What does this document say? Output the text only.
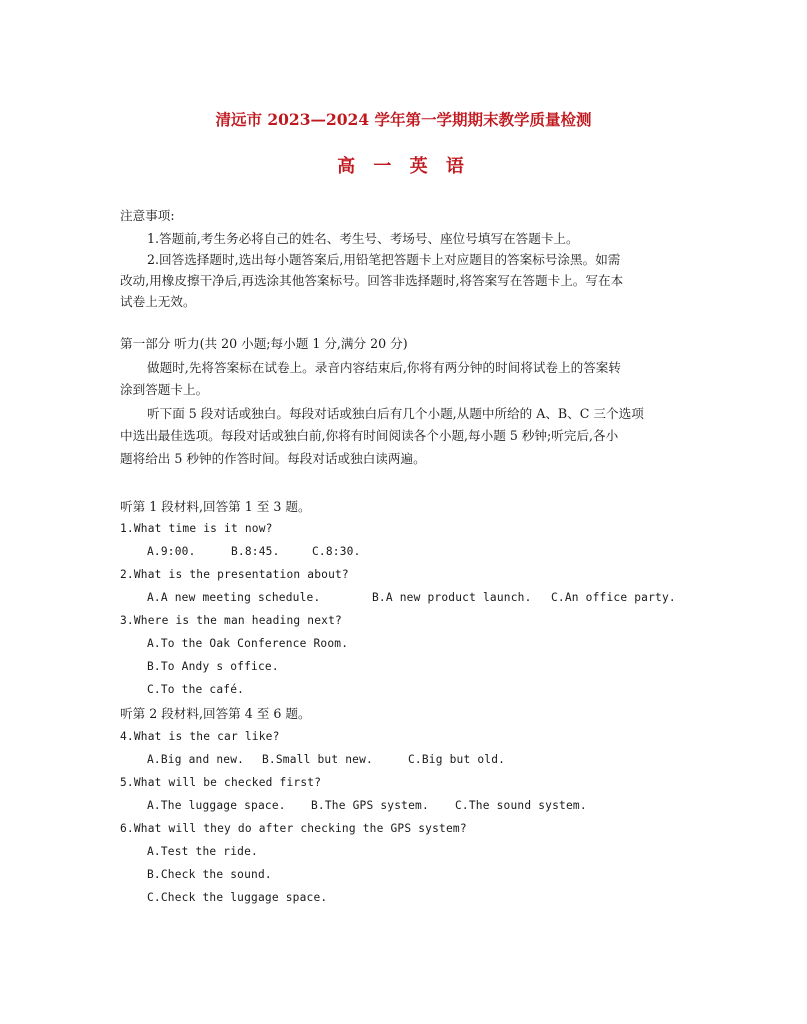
清远市 2023—2024 学年第一学期期末教学质量检测
高 一 英 语
注意事项:
1.答题前,考生务必将自己的姓名、考生号、考场号、座位号填写在答题卡上。
2.回答选择题时,选出每小题答案后,用铅笔把答题卡上对应题目的答案标号涂黑。如需
改动,用橡皮擦干净后,再选涂其他答案标号。回答非选择题时,将答案写在答题卡上。写在本
试卷上无效。
第一部分 听力(共 20 小题;每小题 1 分,满分 20 分)
做题时,先将答案标在试卷上。录音内容结束后,你将有两分钟的时间将试卷上的答案转
涂到答题卡上。
听下面 5 段对话或独白。每段对话或独白后有几个小题,从题中所给的 A、B、C 三个选项
中选出最佳选项。每段对话或独白前,你将有时间阅读各个小题,每小题 5 秒钟;听完后,各小
题将给出 5 秒钟的作答时间。每段对话或独白读两遍。
听第 1 段材料,回答第 1 至 3 题。
1.What time is it now?
A.9:00.	B.8:45.	C.8:30.
2.What is the presentation about?
A.A new meeting schedule.	B.A new product launch. C.An office party.
3.Where is the man heading next?
A.To the Oak Conference Room.
B.To Andy s office.
C.To the café.
听第 2 段材料,回答第 4 至 6 题。
4.What is the car like?
A.Big and new. B.Small but new.	C.Big but old.
5.What will be checked first?
A.The luggage space. B.The GPS system. C.The sound system.
6.What will they do after checking the GPS system?
A.Test the ride.
B.Check the sound.
C.Check the luggage space.
